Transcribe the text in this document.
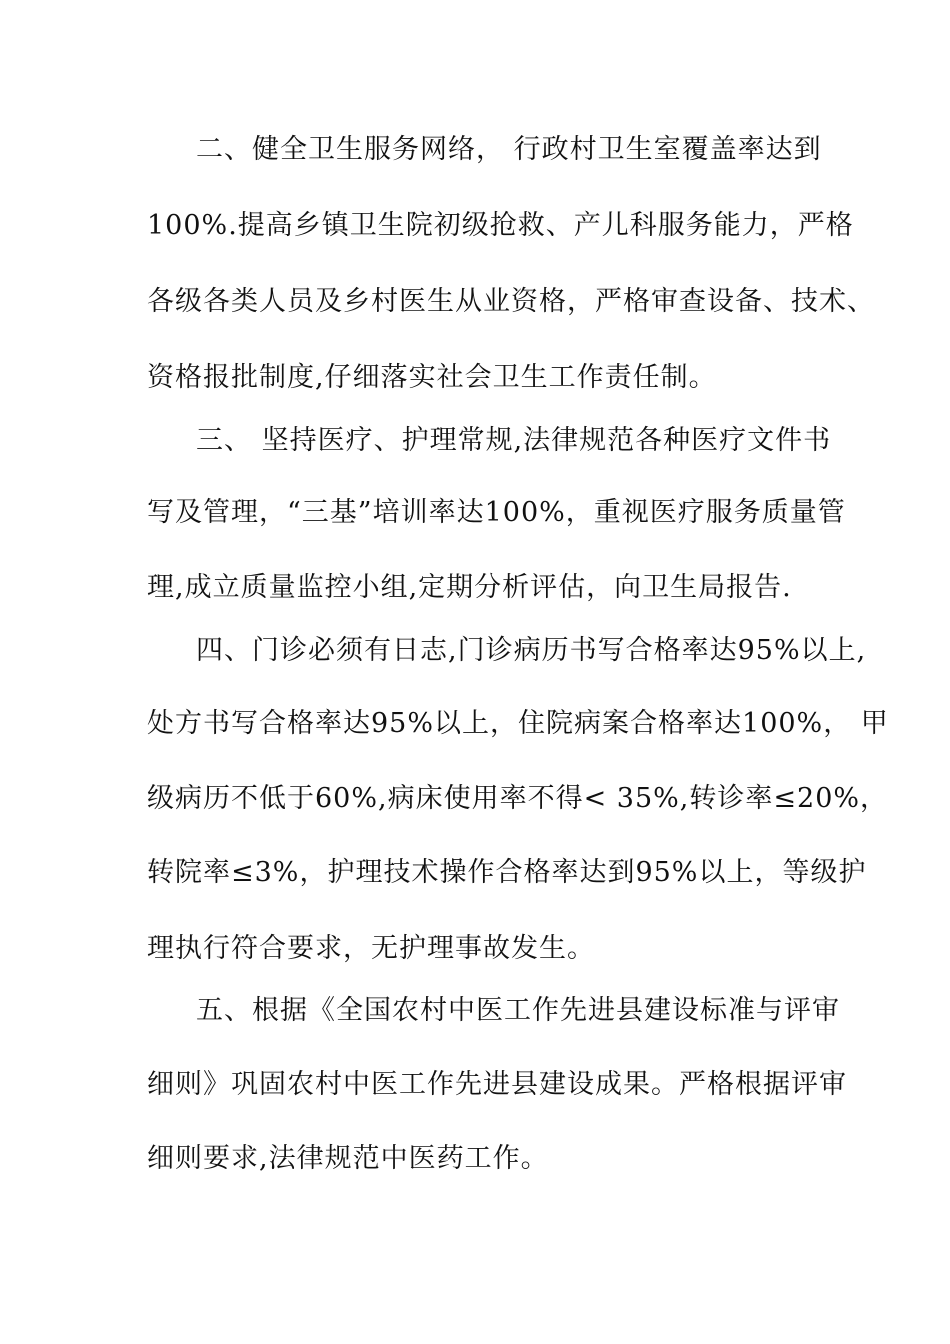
二、健全卫生服务网络， 行政村卫生室覆盖率达到
100%.提高乡镇卫生院初级抢救、产儿科服务能力，严格
各级各类人员及乡村医生从业资格，严格审查设备、技术、
资格报批制度,仔细落实社会卫生工作责任制。
三、 坚持医疗、护理常规,法律规范各种医疗文件书
写及管理，“三基”培训率达100%，重视医疗服务质量管
理,成立质量监控小组,定期分析评估，向卫生局报告.
四、门诊必须有日志,门诊病历书写合格率达95%以上,
处方书写合格率达95%以上，住院病案合格率达100%， 甲
级病历不低于60%,病床使用率不得< 35%,转诊率≤20%，
转院率≤3%，护理技术操作合格率达到95%以上，等级护
理执行符合要求，无护理事故发生。
五、根据《全国农村中医工作先进县建设标准与评审
细则》巩固农村中医工作先进县建设成果。严格根据评审
细则要求,法律规范中医药工作。
